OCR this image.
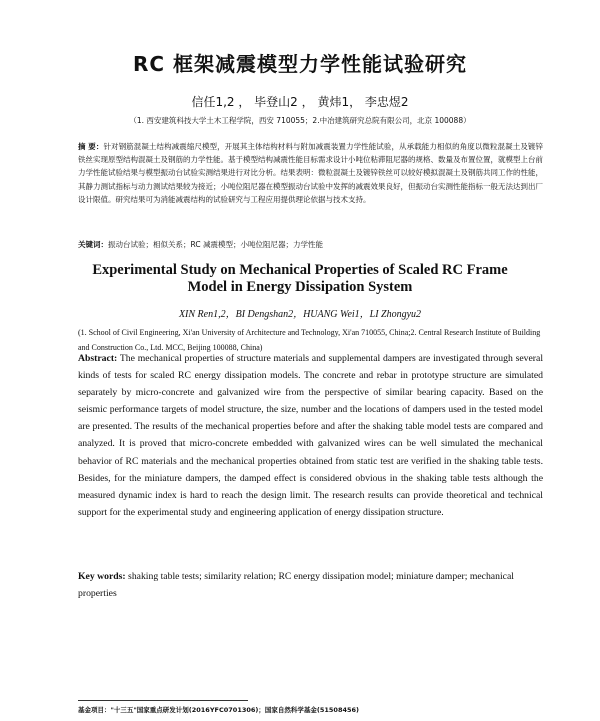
RC 框架减震模型力学性能试验研究
信任1,2 ， 毕登山2 ， 黄炜1， 李忠煜2
（1. 西安建筑科技大学土木工程学院，西安 710055；2.中冶建筑研究总院有限公司，北京 100088）
摘 要：针对钢筋混凝土结构减震缩尺模型，开展其主体结构材料与附加减震装置力学性能试验，从承载能力相似的角度以微粒混凝土及镀锌铁丝实现原型结构混凝土及钢筋的力学性能。基于模型结构减震性能目标需求设计小吨位粘滞阻尼器的规格、数量及布置位置，就模型上台前力学性能试验结果与模型振动台试验实测结果进行对比分析。结果表明：微粒混凝土及镀锌铁丝可以较好模拟混凝土及钢筋共同工作的性能，其静力测试指标与动力测试结果较为接近；小吨位阻尼器在模型振动台试验中发挥的减震效果良好，但振动台实测性能指标一般无法达到出厂设计限值。研究结果可为消能减震结构的试验研究与工程应用提供理论依据与技术支持。
关键词：振动台试验；相似关系；RC 减震模型；小吨位阻尼器；力学性能
Experimental Study on Mechanical Properties of Scaled RC Frame
Model in Energy Dissipation System
XIN Ren1,2，BI Dengshan2，HUANG Wei1，LI Zhongyu2
(1. School of Civil Engineering, Xi'an University of Architecture and Technology, Xi'an 710055, China;2. Central Research Institute of Building and Construction Co., Ltd. MCC, Beijing 100088, China)
Abstract: The mechanical properties of structure materials and supplemental dampers are investigated through several kinds of tests for scaled RC energy dissipation models. The concrete and rebar in prototype structure are simulated separately by micro-concrete and galvanized wire from the perspective of similar bearing capacity. Based on the seismic performance targets of model structure, the size, number and the locations of dampers used in the tested model are presented. The results of the mechanical properties before and after the shaking table model tests are compared and analyzed. It is proved that micro-concrete embedded with galvanized wires can be well simulated the mechanical behavior of RC materials and the mechanical properties obtained from static test are verified in the shaking table tests. Besides, for the miniature dampers, the damped effect is considered obvious in the shaking table tests although the measured dynamic index is hard to reach the design limit. The research results can provide theoretical and technical support for the experimental study and engineering application of energy dissipation structure.
Key words: shaking table tests; similarity relation; RC energy dissipation model; miniature damper; mechanical properties
基金项目："十三五"国家重点研发计划(2016YFC0701306)；国家自然科学基金(51508456)
